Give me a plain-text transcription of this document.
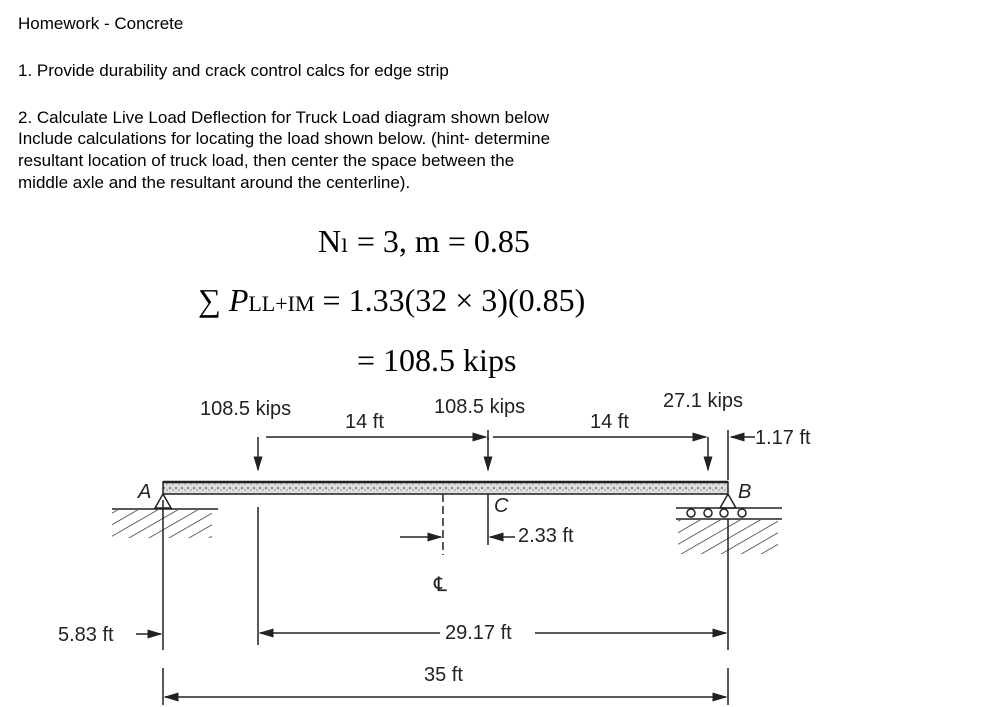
Homework - Concrete
1. Provide durability and crack control calcs for edge strip
2. Calculate Live Load Deflection for Truck Load diagram shown below
Include calculations for locating the load shown below. (hint- determine
resultant location of truck load, then center the space between the
middle axle and the resultant around the centerline).
Nₗ = 3, m = 0.85
∑ PLL+IM = 1.33(32 × 3)(0.85)
= 108.5 kips
108.5 kips	108.5 kips	27.1 kips
14 ft	14 ft
1.17 ft
A	B
C
2.33 ft
℄
5.83 ft	29.17 ft
35 ft
